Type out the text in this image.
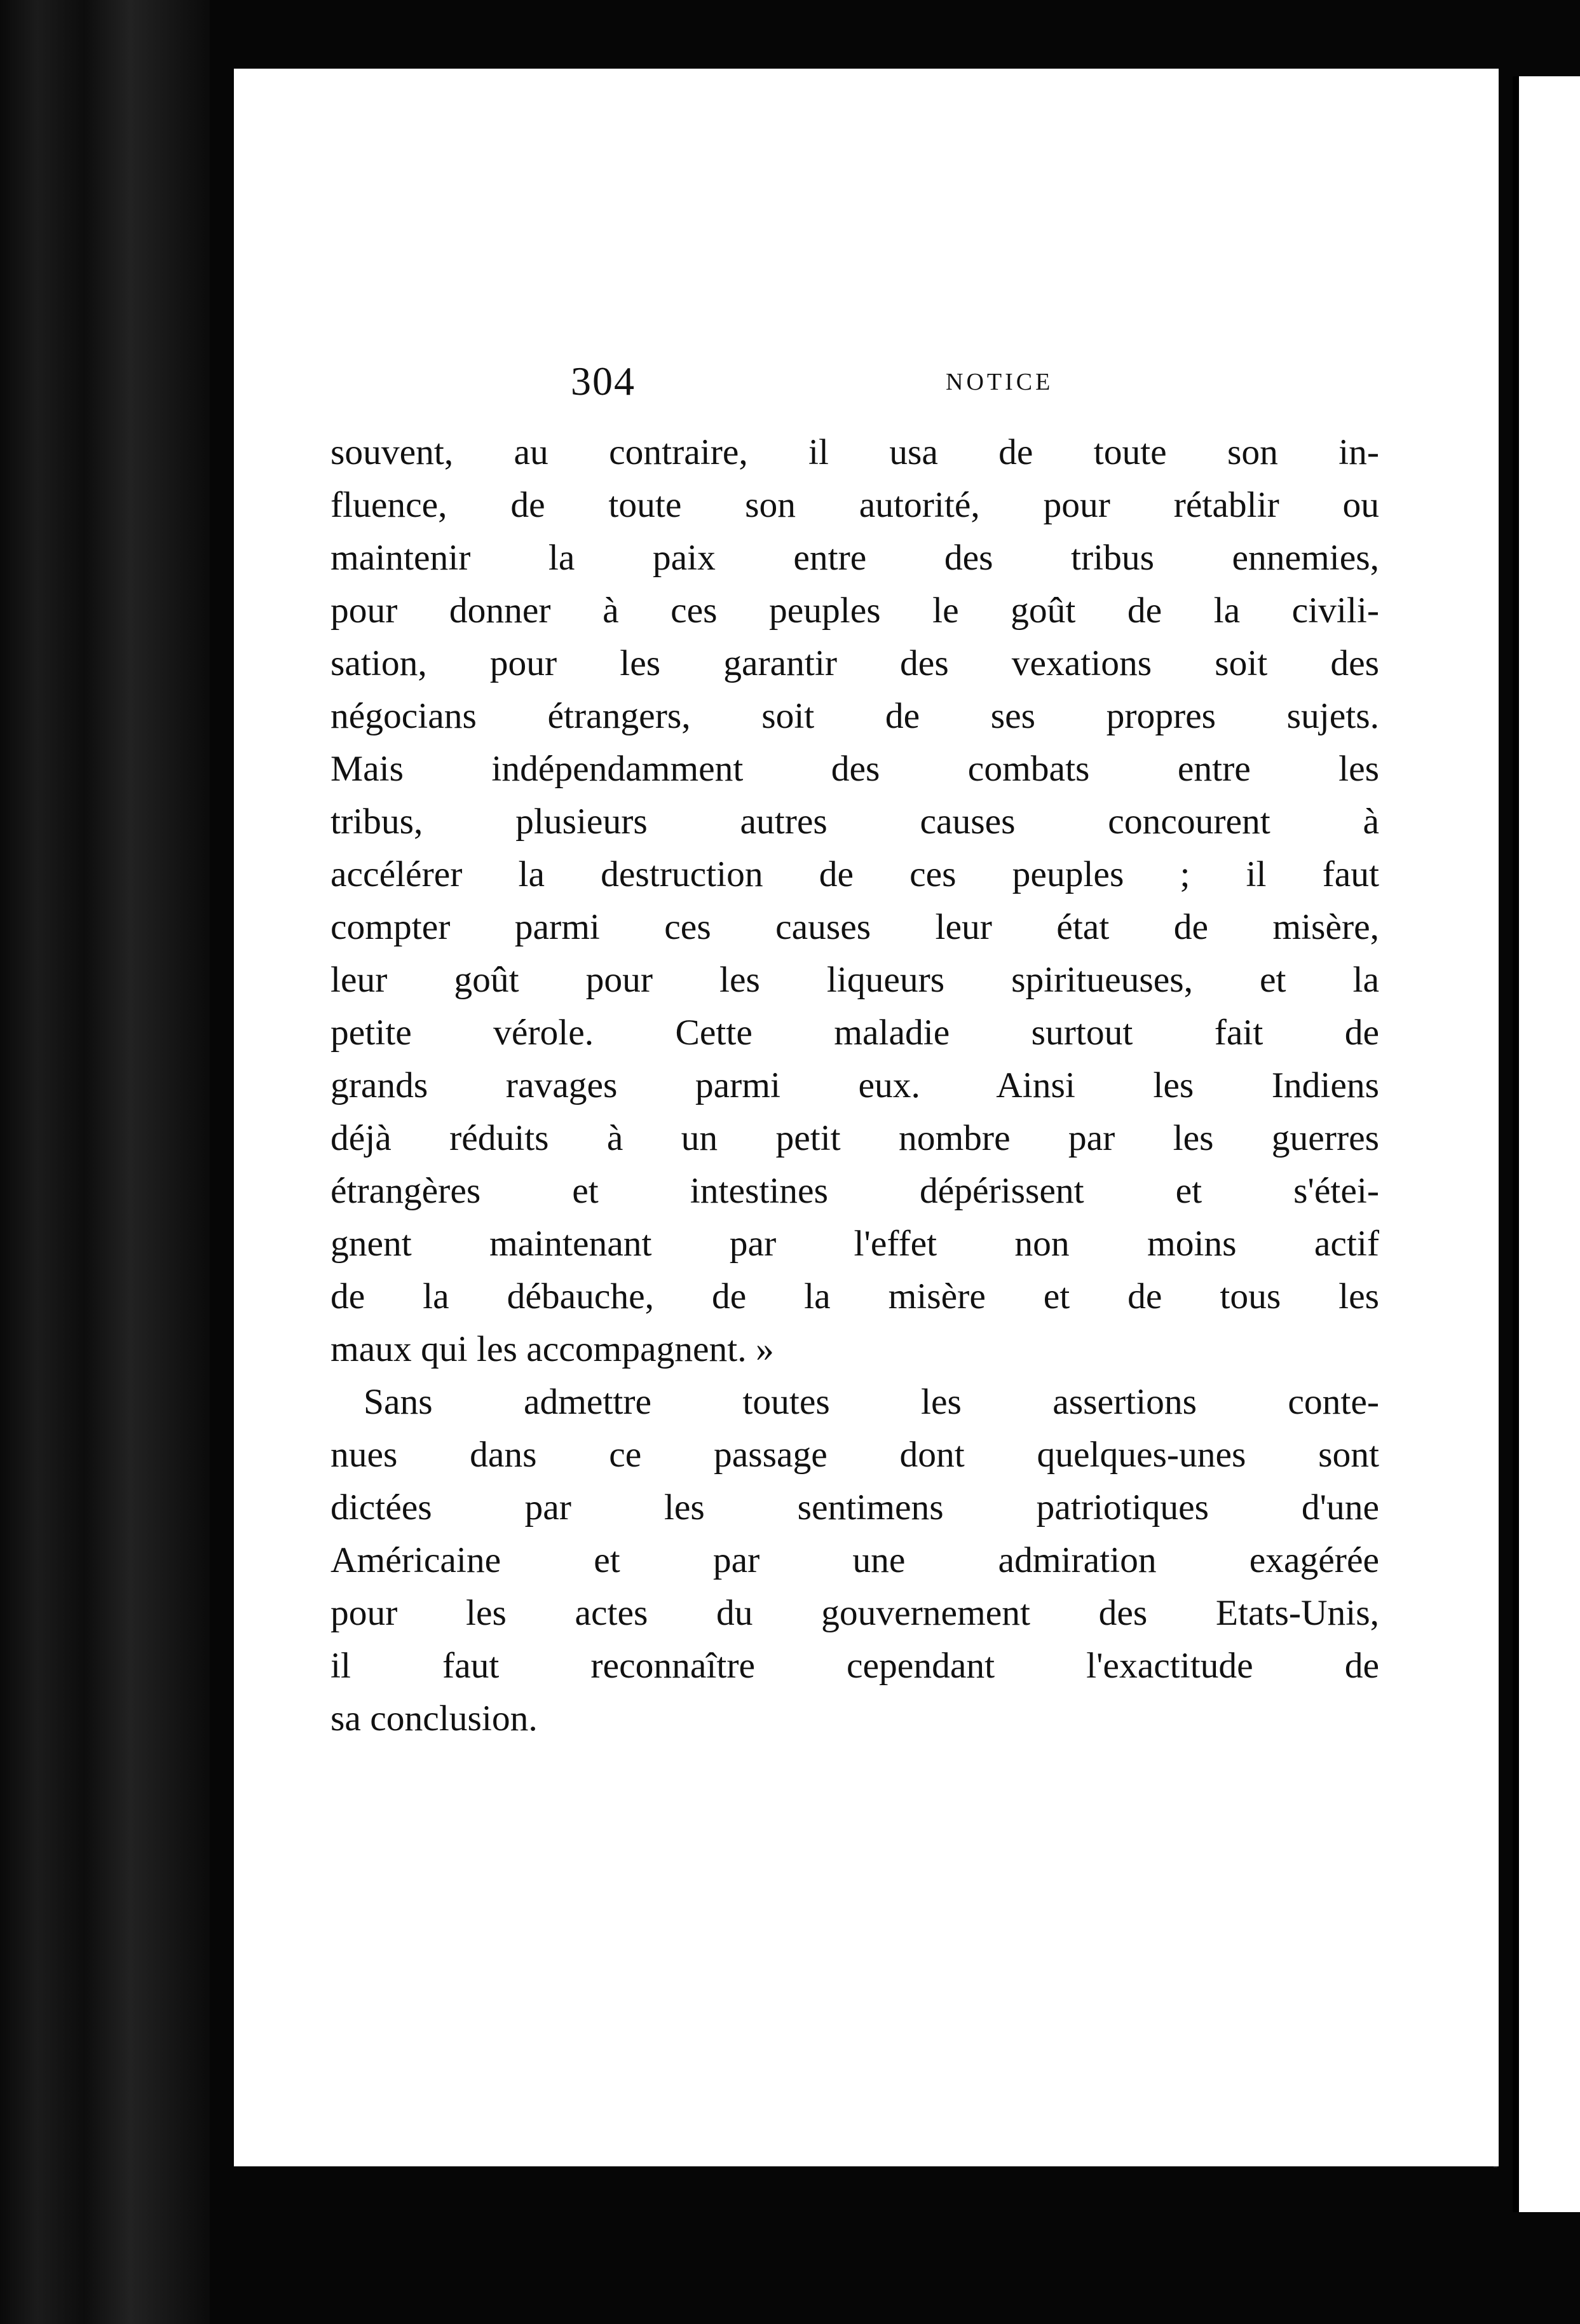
304	NOTICE
souvent, au contraire, il usa de toute son in-
fluence, de toute son autorité, pour rétablir ou
maintenir la paix entre des tribus ennemies,
pour donner à ces peuples le goût de la civili-
sation, pour les garantir des vexations soit des
négocians étrangers, soit de ses propres sujets.
Mais indépendamment des combats entre les
tribus, plusieurs autres causes concourent à
accélérer la destruction de ces peuples ; il faut
compter parmi ces causes leur état de misère,
leur goût pour les liqueurs spiritueuses, et la
petite vérole. Cette maladie surtout fait de
grands ravages parmi eux. Ainsi les Indiens
déjà réduits à un petit nombre par les guerres
étrangères et intestines dépérissent et s'étei-
gnent maintenant par l'effet non moins actif
de la débauche, de la misère et de tous les
maux qui les accompagnent. »
Sans admettre toutes les assertions conte-
nues dans ce passage dont quelques-unes sont
dictées par les sentimens patriotiques d'une
Américaine et par une admiration exagérée
pour les actes du gouvernement des Etats-Unis,
il faut reconnaître cependant l'exactitude de
sa conclusion.
